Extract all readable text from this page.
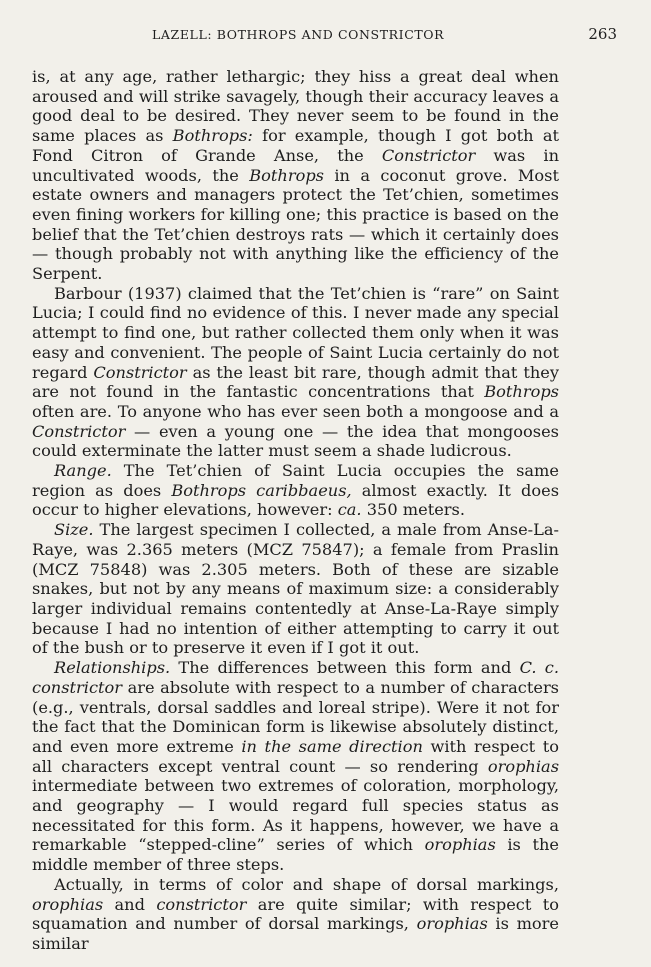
LAZELL: BOTHROPS AND CONSTRICTOR	263

is, at any age, rather lethargic; they hiss a great deal when aroused and will strike savagely, though their accuracy leaves a good deal to be desired. They never seem to be found in the same places as Bothrops: for example, though I got both at Fond Citron of Grande Anse, the Constrictor was in uncultivated woods, the Bothrops in a coconut grove. Most estate owners and managers protect the Tet’chien, sometimes even fining workers for killing one; this practice is based on the belief that the Tet’chien destroys rats — which it certainly does — though probably not with anything like the efficiency of the Serpent.

Barbour (1937) claimed that the Tet’chien is “rare” on Saint Lucia; I could find no evidence of this. I never made any special attempt to find one, but rather collected them only when it was easy and convenient. The people of Saint Lucia certainly do not regard Constrictor as the least bit rare, though admit that they are not found in the fantastic concentrations that Bothrops often are. To anyone who has ever seen both a mongoose and a Constrictor — even a young one — the idea that mongooses could exterminate the latter must seem a shade ludicrous.

Range. The Tet’chien of Saint Lucia occupies the same region as does Bothrops caribbaeus, almost exactly. It does occur to higher elevations, however: ca. 350 meters.

Size. The largest specimen I collected, a male from Anse-La-Raye, was 2.365 meters (MCZ 75847); a female from Praslin (MCZ 75848) was 2.305 meters. Both of these are sizable snakes, but not by any means of maximum size: a considerably larger individual remains contentedly at Anse-La-Raye simply because I had no intention of either attempting to carry it out of the bush or to preserve it even if I got it out.

Relationships. The differences between this form and C. c. constrictor are absolute with respect to a number of characters (e.g., ventrals, dorsal saddles and loreal stripe). Were it not for the fact that the Dominican form is likewise absolutely distinct, and even more extreme in the same direction with respect to all characters except ventral count — so rendering orophias intermediate between two extremes of coloration, morphology, and geography — I would regard full species status as necessitated for this form. As it happens, however, we have a remarkable “stepped-cline” series of which orophias is the middle member of three steps.

Actually, in terms of color and shape of dorsal markings, orophias and constrictor are quite similar; with respect to squamation and number of dorsal markings, orophias is more similar
